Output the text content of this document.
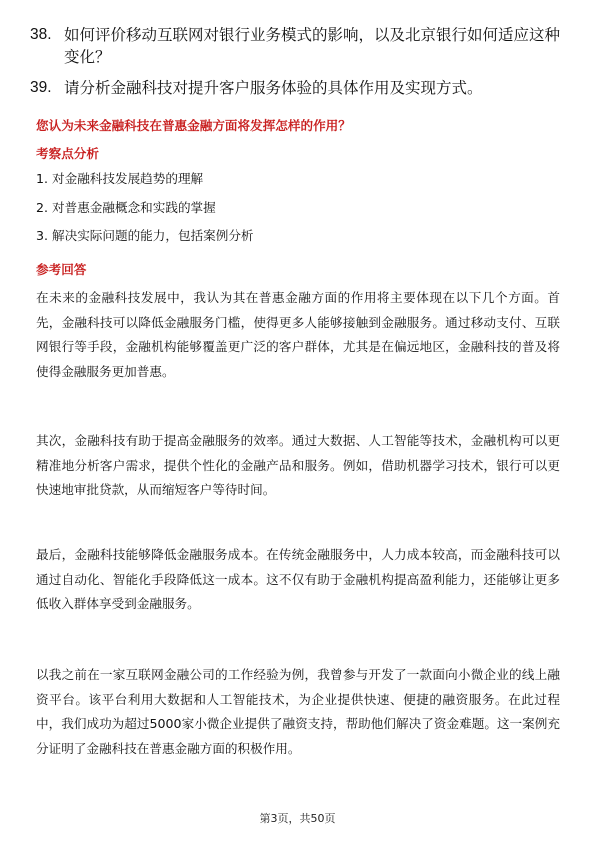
38. 如何评价移动互联网对银行业务模式的影响，以及北京银行如何适应这种变化？
39. 请分析金融科技对提升客户服务体验的具体作用及实现方式。
您认为未来金融科技在普惠金融方面将发挥怎样的作用？
考察点分析
1. 对金融科技发展趋势的理解
2. 对普惠金融概念和实践的掌握
3. 解决实际问题的能力，包括案例分析
参考回答

在未来的金融科技发展中，我认为其在普惠金融方面的作用将主要体现在以下几个方面。首先，金融科技可以降低金融服务门槛，使得更多人能够接触到金融服务。通过移动支付、互联网银行等手段，金融机构能够覆盖更广泛的客户群体，尤其是在偏远地区，金融科技的普及将使得金融服务更加普惠。

其次，金融科技有助于提高金融服务的效率。通过大数据、人工智能等技术，金融机构可以更精准地分析客户需求，提供个性化的金融产品和服务。例如，借助机器学习技术，银行可以更快速地审批贷款，从而缩短客户等待时间。

最后，金融科技能够降低金融服务成本。在传统金融服务中，人力成本较高，而金融科技可以通过自动化、智能化手段降低这一成本。这不仅有助于金融机构提高盈利能力，还能够让更多低收入群体享受到金融服务。

以我之前在一家互联网金融公司的工作经验为例，我曾参与开发了一款面向小微企业的线上融资平台。该平台利用大数据和人工智能技术，为企业提供快速、便捷的融资服务。在此过程中，我们成功为超过5000家小微企业提供了融资支持，帮助他们解决了资金难题。这一案例充分证明了金融科技在普惠金融方面的积极作用。

第3页，共50页
